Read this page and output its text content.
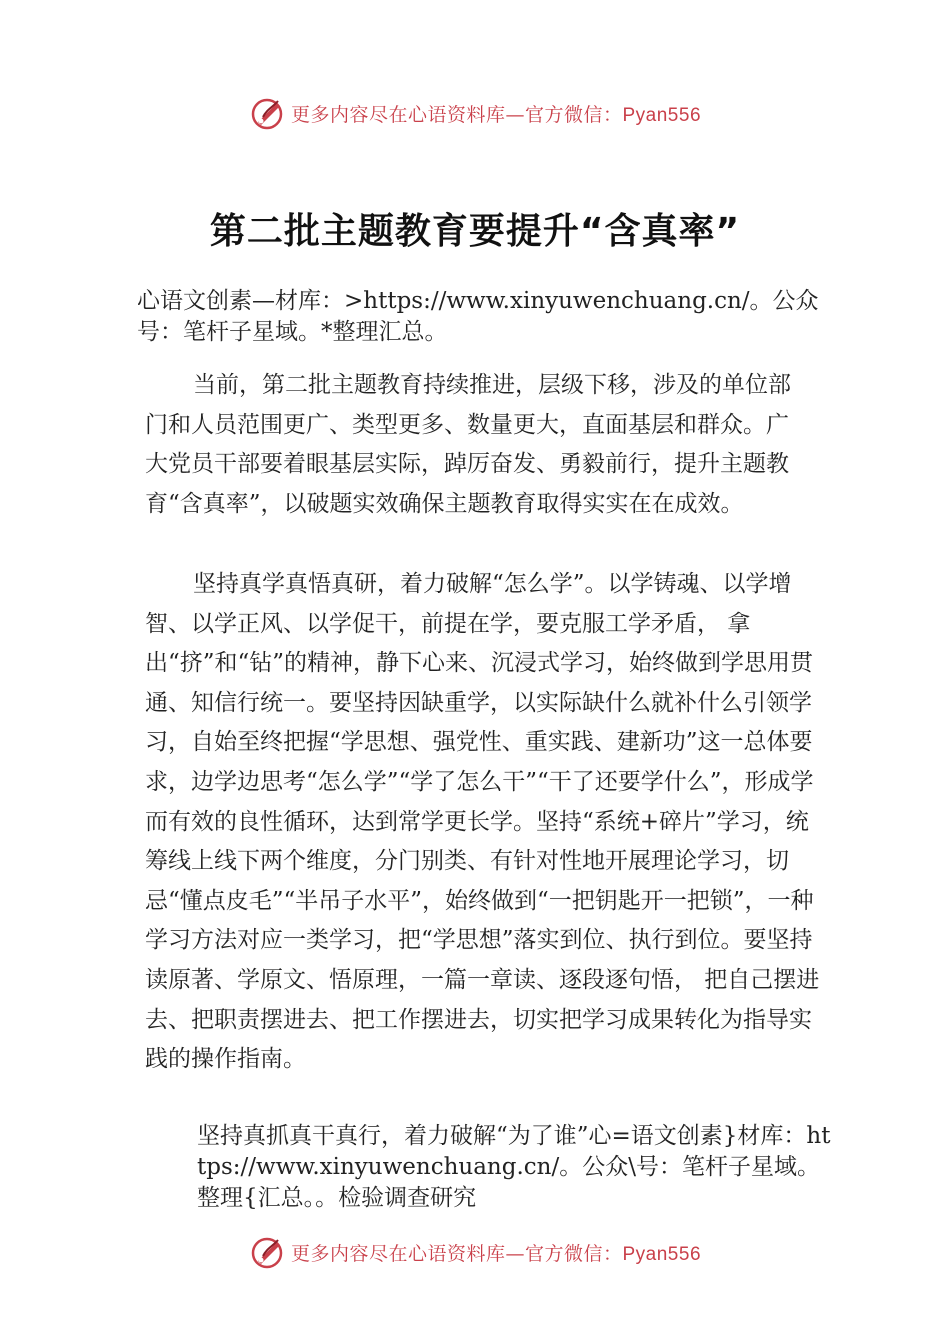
更多内容尽在心语资料库—官方微信：Pyan556
第二批主题教育要提升“含真率”

心语文创素—材库：>https://www.xinyuwenchuang.cn/。公众号：笔杆子星域。*整理汇总。

当前，第二批主题教育持续推进，层级下移，涉及的单位部门和人员范围更广、类型更多、数量更大，直面基层和群众。广大党员干部要着眼基层实际，踔厉奋发、勇毅前行，提升主题教育“含真率”，以破题实效确保主题教育取得实实在在成效。

坚持真学真悟真研，着力破解“怎么学”。以学铸魂、以学增智、以学正风、以学促干，前提在学，要克服工学矛盾， 拿出“挤”和“钻”的精神，静下心来、沉浸式学习，始终做到学思用贯通、知信行统一。要坚持因缺重学，以实际缺什么就补什么引领学习，自始至终把握“学思想、强党性、重实践、建新功”这一总体要求，边学边思考“怎么学”“学了怎么干”“干了还要学什么”，形成学而有效的良性循环，达到常学更长学。坚持“系统+碎片”学习，统筹线上线下两个维度，分门别类、有针对性地开展理论学习，切忌“懂点皮毛”“半吊子水平”，始终做到“一把钥匙开一把锁”，一种学习方法对应一类学习，把“学思想”落实到位、执行到位。要坚持读原著、学原文、悟原理，一篇一章读、逐段逐句悟， 把自己摆进去、把职责摆进去、把工作摆进去，切实把学习成果转化为指导实践的操作指南。

坚持真抓真干真行，着力破解“为了谁”心=语文创素}材库：https://www.xinyuwenchuang.cn/。公众\号：笔杆子星域。整理{汇总。。检验调查研究

更多内容尽在心语资料库—官方微信：Pyan556
